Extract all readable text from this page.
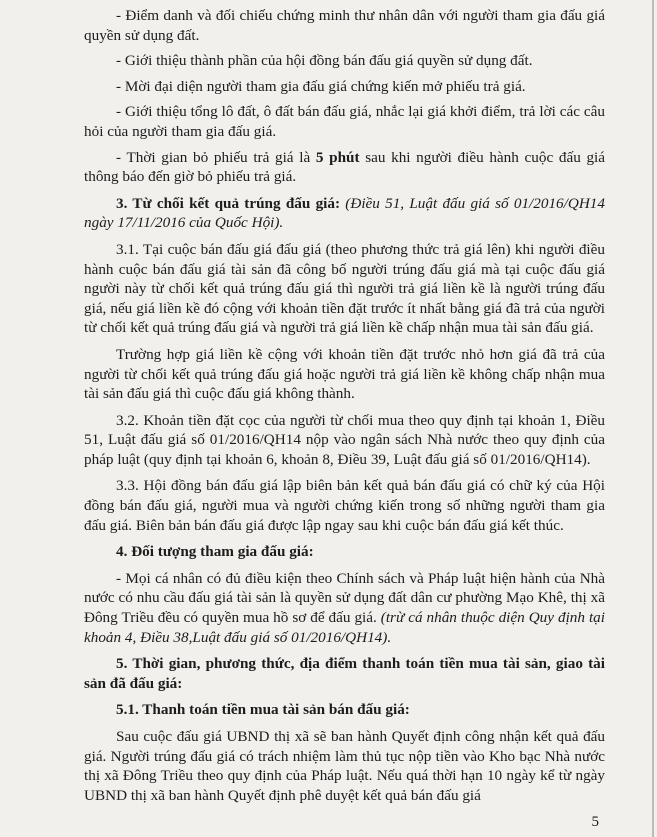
- Điểm danh và đối chiếu chứng minh thư nhân dân với người tham gia đấu giá quyền sử dụng đất.

- Giới thiệu thành phần của hội đồng bán đấu giá quyền sử dụng đất.

- Mời đại diện người tham gia đấu giá chứng kiến mở phiếu trả giá.

- Giới thiệu tổng lô đất, ô đất bán đấu giá, nhắc lại giá khởi điểm, trả lời các câu hỏi của người tham gia đấu giá.

- Thời gian bỏ phiếu trả giá là 5 phút sau khi người điều hành cuộc đấu giá thông báo đến giờ bỏ phiếu trả giá.

3. Từ chối kết quả trúng đấu giá: (Điều 51, Luật đấu giá số 01/2016/QH14 ngày 17/11/2016 của Quốc Hội).

3.1. Tại cuộc bán đấu giá đấu giá (theo phương thức trả giá lên) khi người điều hành cuộc bán đấu giá tài sản đã công bố người trúng đấu giá mà tại cuộc đấu giá người này từ chối kết quả trúng đấu giá thì người trả giá liền kề là người trúng đấu giá, nếu giá liền kề đó cộng với khoản tiền đặt trước ít nhất bằng giá đã trả của người từ chối kết quả trúng đấu giá và người trả giá liền kề chấp nhận mua tài sản đấu giá.

Trường hợp giá liền kề cộng với khoản tiền đặt trước nhỏ hơn giá đã trả của người từ chối kết quả trúng đấu giá hoặc người trả giá liền kề không chấp nhận mua tài sản đấu giá thì cuộc đấu giá không thành.

3.2. Khoản tiền đặt cọc của người từ chối mua theo quy định tại khoản 1, Điều 51, Luật đấu giá số 01/2016/QH14 nộp vào ngân sách Nhà nước theo quy định của pháp luật (quy định tại khoản 6, khoản 8, Điều 39, Luật đấu giá số 01/2016/QH14).

3.3. Hội đồng bán đấu giá lập biên bản kết quả bán đấu giá có chữ ký của Hội đồng bán đấu giá, người mua và người chứng kiến trong số những người tham gia đấu giá. Biên bản bán đấu giá được lập ngay sau khi cuộc bán đấu giá kết thúc.

4. Đối tượng tham gia đấu giá:

- Mọi cá nhân có đủ điều kiện theo Chính sách và Pháp luật hiện hành của Nhà nước có nhu cầu đấu giá tài sản là quyền sử dụng đất dân cư phường Mạo Khê, thị xã Đông Triều đều có quyền mua hồ sơ để đấu giá. (trừ cá nhân thuộc diện Quy định tại khoản 4, Điều 38,Luật đấu giá số 01/2016/QH14).

5. Thời gian, phương thức, địa điểm thanh toán tiền mua tài sản, giao tài sản đã đấu giá:

5.1. Thanh toán tiền mua tài sản bán đấu giá:

Sau cuộc đấu giá UBND thị xã sẽ ban hành Quyết định công nhận kết quả đấu giá. Người trúng đấu giá có trách nhiệm làm thủ tục nộp tiền vào Kho bạc Nhà nước thị xã Đông Triều theo quy định của Pháp luật. Nếu quá thời hạn 10 ngày kể từ ngày UBND thị xã ban hành Quyết định phê duyệt kết quả bán đấu giá

5
